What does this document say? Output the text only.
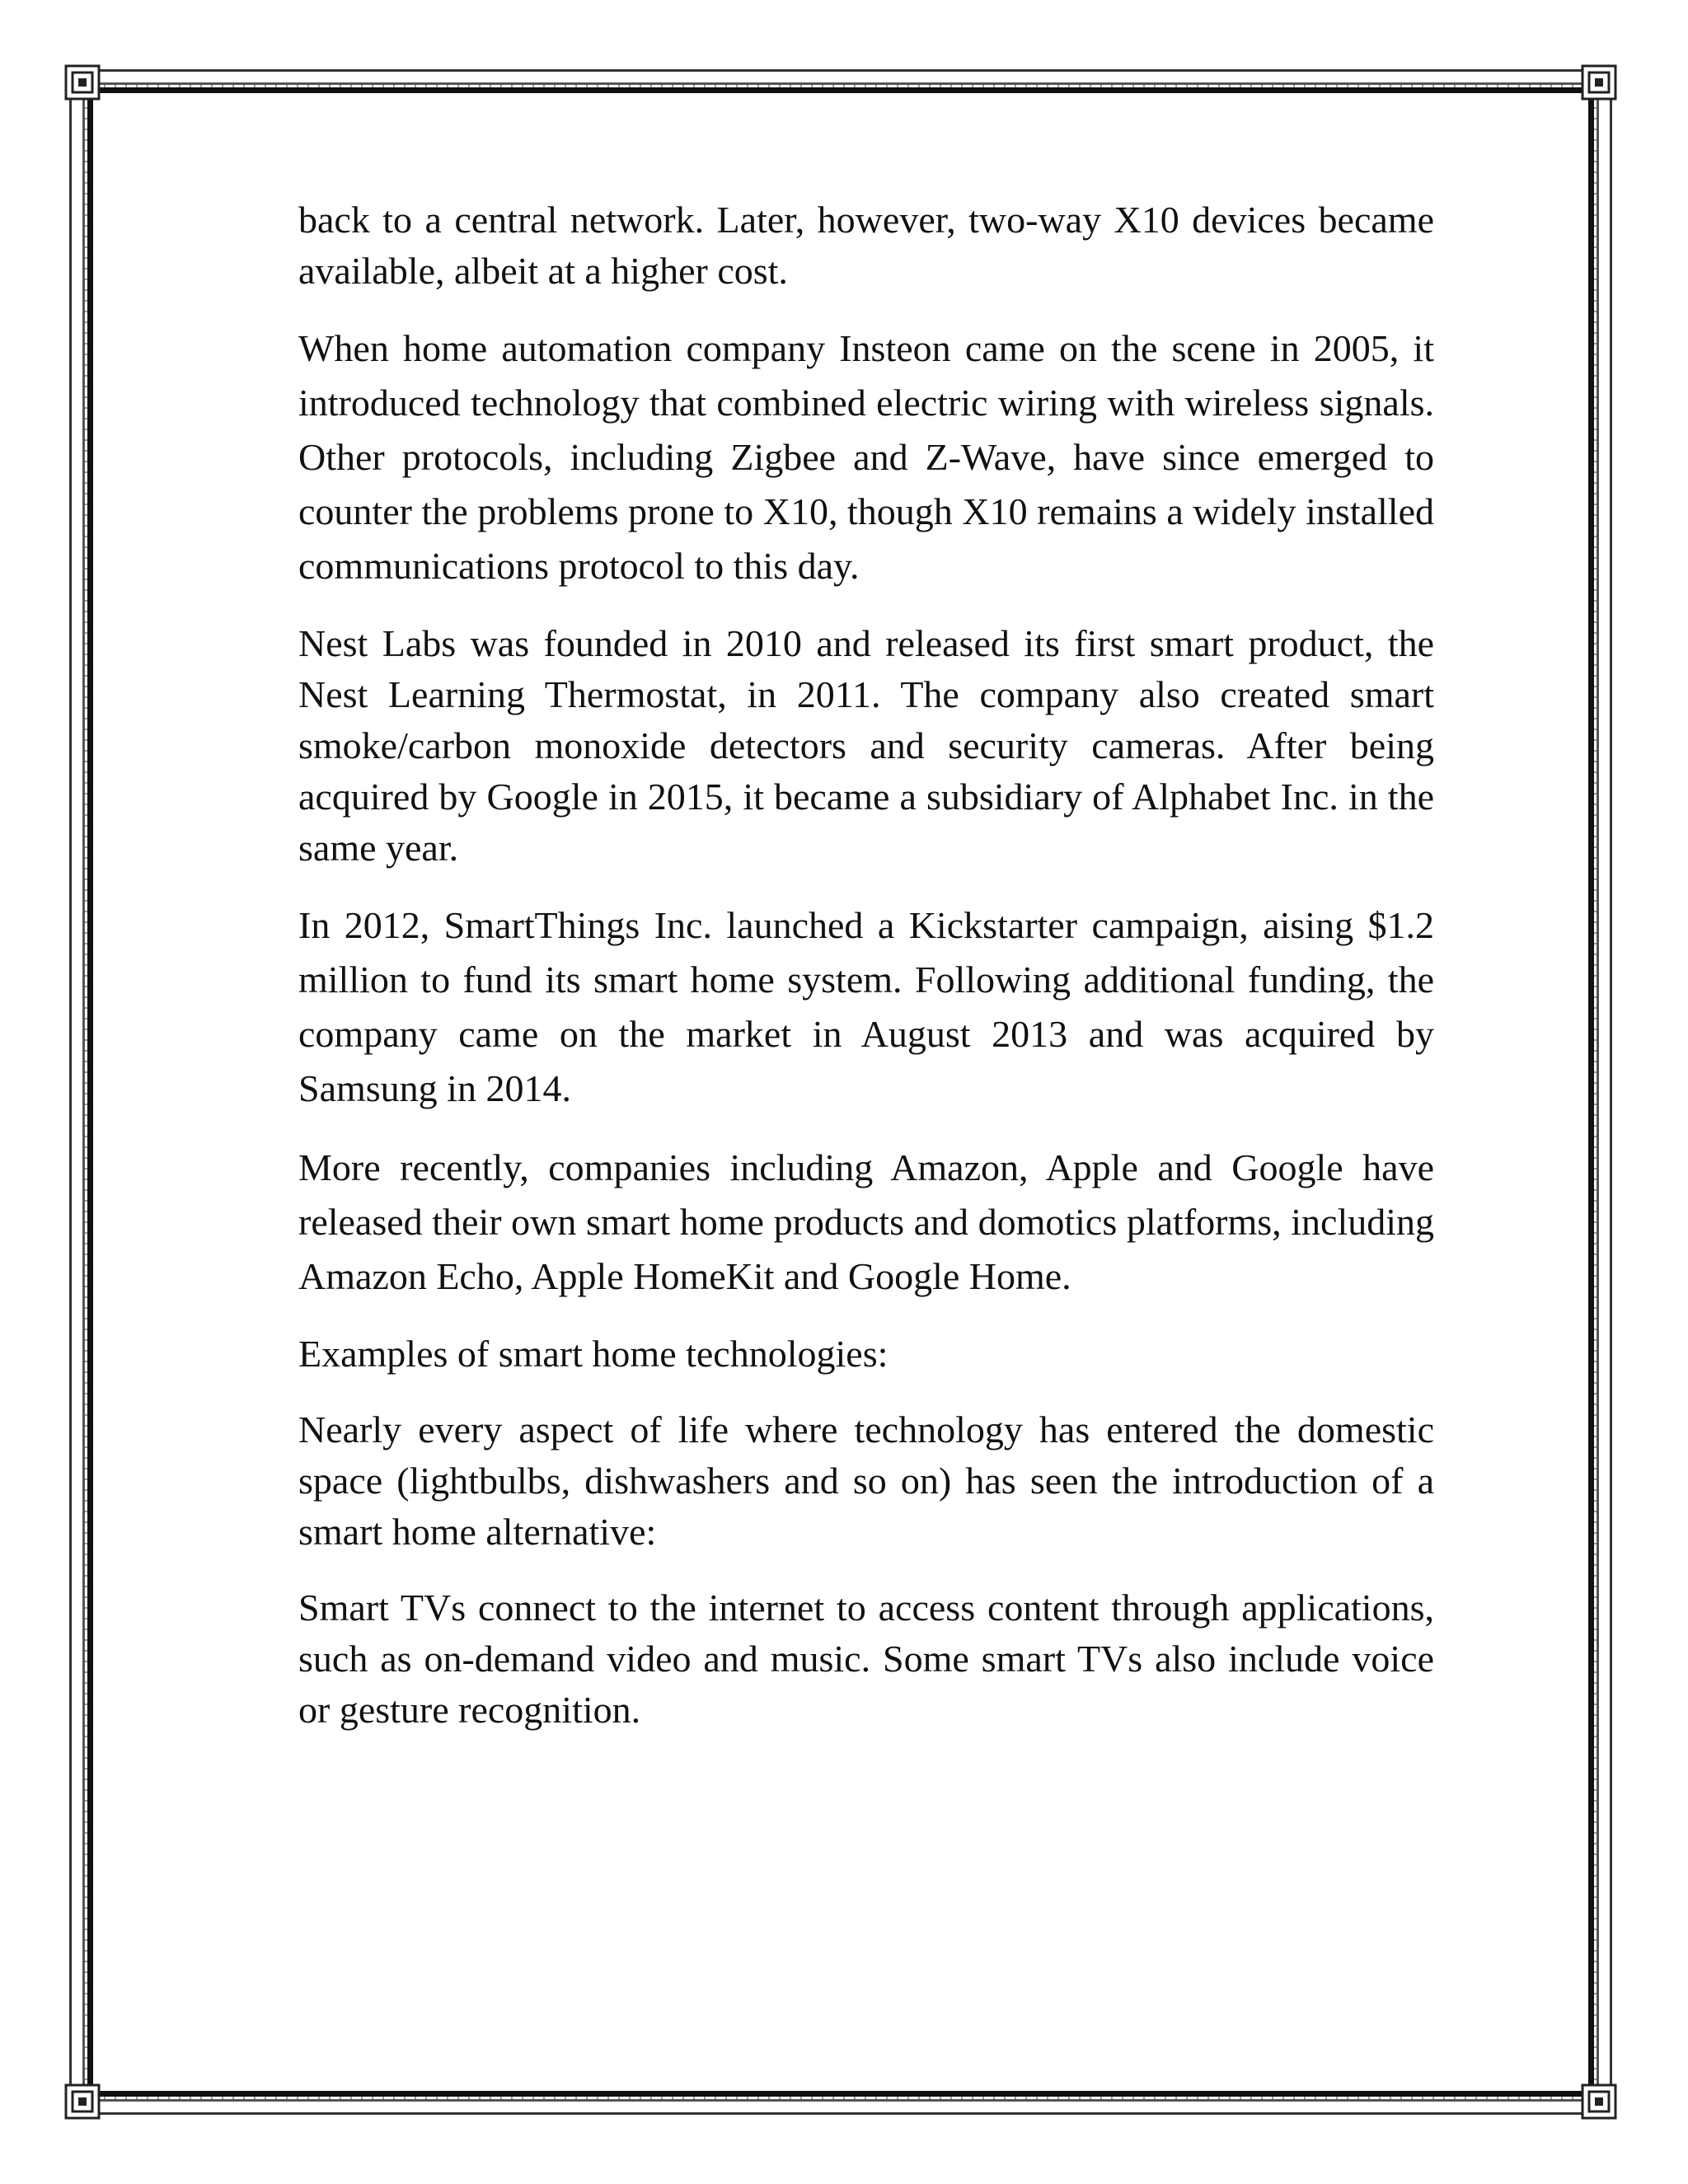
back to a central network. Later, however, two-way X10 devices became available, albeit at a higher cost.

When home automation company Insteon came on the scene in 2005, it introduced technology that combined electric wiring with wireless signals. Other protocols, including Zigbee and Z-Wave, have since emerged to counter the problems prone to X10, though X10 remains a widely installed communications protocol to this day.

Nest Labs was founded in 2010 and released its first smart product, the Nest Learning Thermostat, in 2011. The company also created smart smoke/carbon monoxide detectors and security cameras. After being acquired by Google in 2015, it became a subsidiary of Alphabet Inc. in the same year.

In 2012, SmartThings Inc. launched a Kickstarter campaign, aising $1.2 million to fund its smart home system. Following additional funding, the company came on the market in August 2013 and was acquired by Samsung in 2014.

More recently, companies including Amazon, Apple and Google have released their own smart home products and domotics platforms, including Amazon Echo, Apple HomeKit and Google Home.

Examples of smart home technologies:

Nearly every aspect of life where technology has entered the domestic space (lightbulbs, dishwashers and so on) has seen the introduction of a smart home alternative:

Smart TVs connect to the internet to access content through applications, such as on-demand video and music. Some smart TVs also include voice or gesture recognition.
